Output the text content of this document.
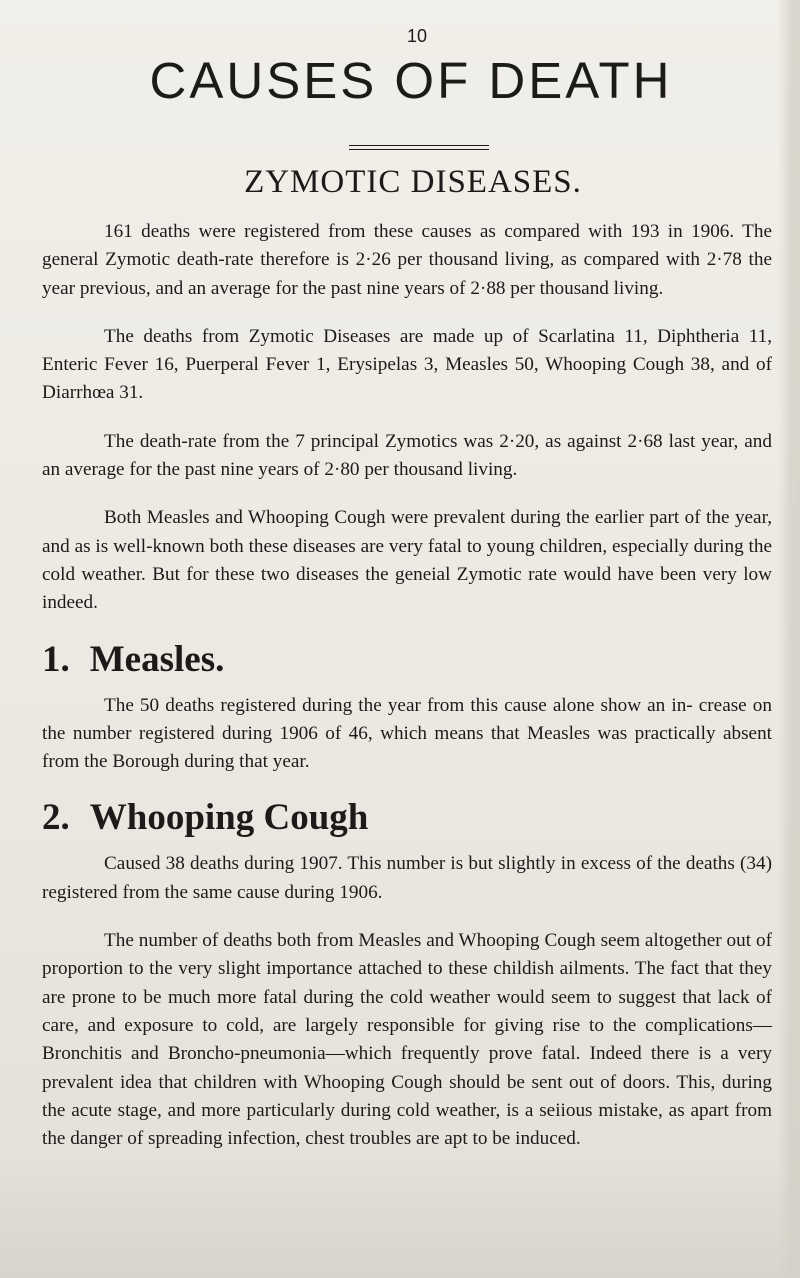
10
CAUSES OF DEATH
ZYMOTIC DISEASES.

161 deaths were registered from these causes as compared with 193 in 1906. The general Zymotic death-rate therefore is 2·26 per thousand living, as compared with 2·78 the year previous, and an average for the past nine years of 2·88 per thousand living.

The deaths from Zymotic Diseases are made up of Scarlatina 11, Diphtheria 11, Enteric Fever 16, Puerperal Fever 1, Erysipelas 3, Measles 50, Whooping Cough 38, and of Diarrhœa 31.

The death-rate from the 7 principal Zymotics was 2·20, as against 2·68 last year, and an average for the past nine years of 2·80 per thousand living.

Both Measles and Whooping Cough were prevalent during the earlier part of the year, and as is well-known both these diseases are very fatal to young children, especially during the cold weather. But for these two diseases the geneial Zymotic rate would have been very low indeed.

1. Measles.

The 50 deaths registered during the year from this cause alone show an in- crease on the number registered during 1906 of 46, which means that Measles was practically absent from the Borough during that year.

2. Whooping Cough

Caused 38 deaths during 1907. This number is but slightly in excess of the deaths (34) registered from the same cause during 1906.

The number of deaths both from Measles and Whooping Cough seem altogether out of proportion to the very slight importance attached to these childish ailments. The fact that they are prone to be much more fatal during the cold weather would seem to suggest that lack of care, and exposure to cold, are largely responsible for giving rise to the complications—Bronchitis and Broncho-pneumonia—which frequently prove fatal. Indeed there is a very prevalent idea that children with Whooping Cough should be sent out of doors. This, during the acute stage, and more particularly during cold weather, is a seiious mistake, as apart from the danger of spreading infection, chest troubles are apt to be induced.
